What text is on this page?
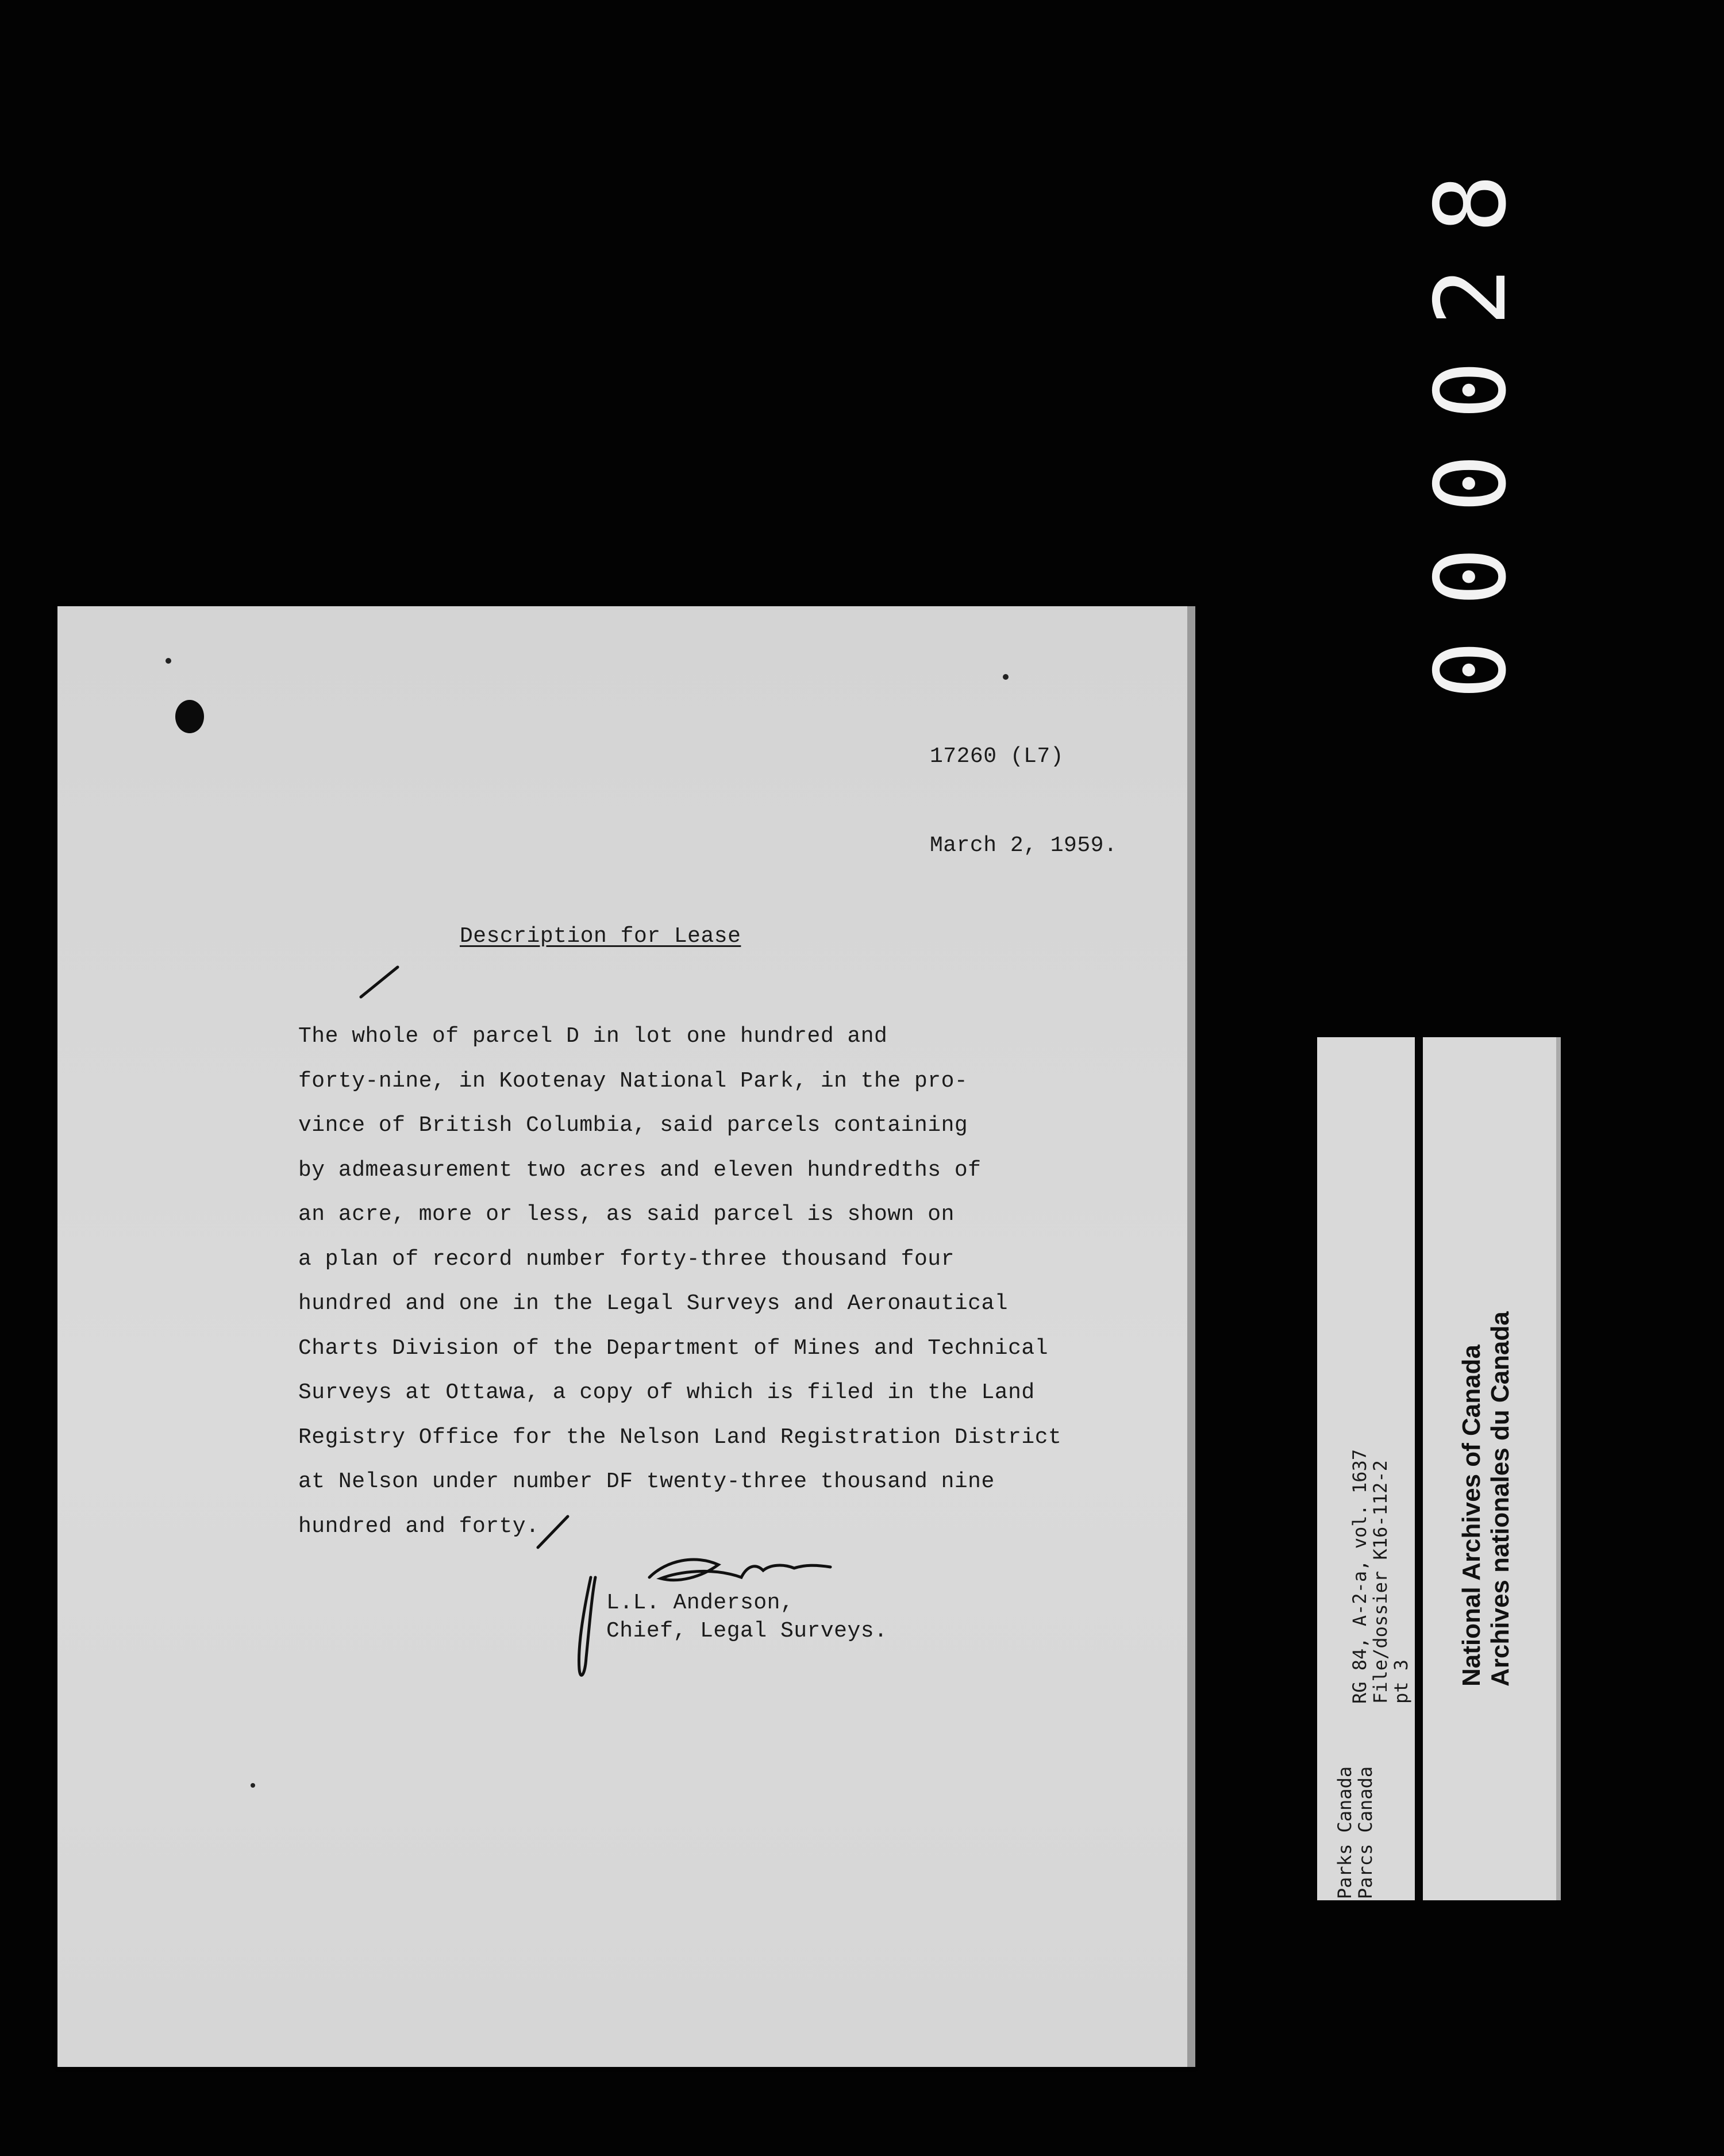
000028

17260 (L7)

March 2, 1959.

Description for Lease

The whole of parcel D in lot one hundred and
forty-nine, in Kootenay National Park, in the pro-
vince of British Columbia, said parcels containing
by admeasurement two acres and eleven hundredths of
an acre, more or less, as said parcel is shown on
a plan of record number forty-three thousand four
hundred and one in the Legal Surveys and Aeronautical
Charts Division of the Department of Mines and Technical
Surveys at Ottawa, a copy of which is filed in the Land
Registry Office for the Nelson Land Registration District
at Nelson under number DF twenty-three thousand nine
hundred and forty.

L.L. Anderson,

Chief, Legal Surveys.

Parks Canada
Parcs Canada
RG 84, A-2-a, vol. 1637
File/dossier K16-112-2
pt 3 National Archives of Canada Archives nationales du Canada
